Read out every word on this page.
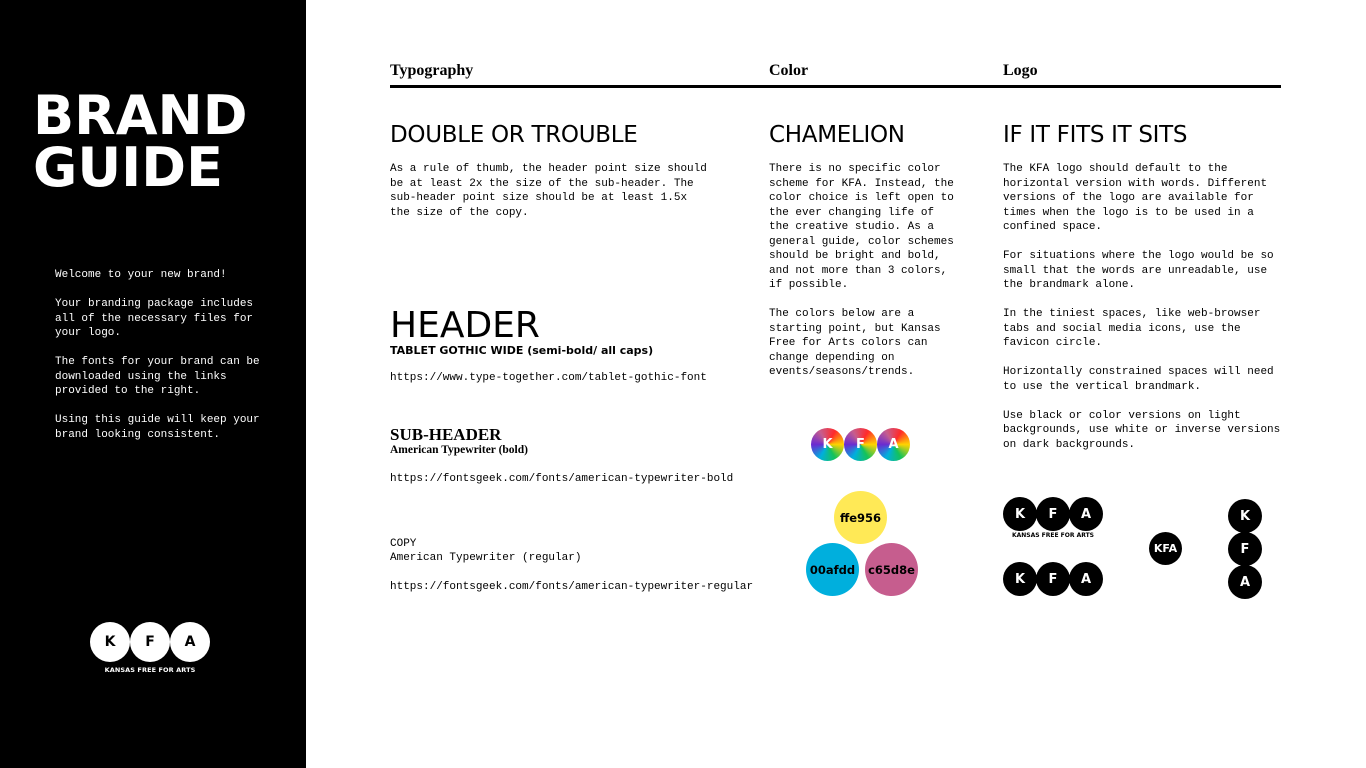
BRAND
GUIDE

Welcome to your new brand!

Your branding package includes all of the necessary files for your logo.

The fonts for your brand can be downloaded using the links provided to the right.

Using this guide will keep your brand looking consistent.

K	F	A
KANSAS FREE FOR ARTS
Typography	Color	Logo
DOUBLE OR TROUBLE

As a rule of thumb, the header point size should be at least 2x the size of the sub-header. The sub-header point size should be at least 1.5x the size of the copy.

HEADER
TABLET GOTHIC WIDE (semi-bold/ all caps)
https://www.type-together.com/tablet-gothic-font
SUB-HEADER
American Typewriter (bold)
https://fontsgeek.com/fonts/american-typewriter-bold
COPY
American Typewriter (regular)
https://fontsgeek.com/fonts/american-typewriter-regular
CHAMELION

There is no specific color scheme for KFA. Instead, the color choice is left open to the ever changing life of the creative studio. As a general guide, color schemes should be bright and bold, and not more than 3 colors, if possible.

The colors below are a starting point, but Kansas Free for Arts colors can change depending on events/seasons/trends.

K	F	A
ffe956
00afdd	c65d8e
IF IT FITS IT SITS

The KFA logo should default to the horizontal version with words. Different versions of the logo are available for times when the logo is to be used in a confined space.

For situations where the logo would be so small that the words are unreadable, use the brandmark alone.

In the tiniest spaces, like web-browser tabs and social media icons, use the favicon circle.

Horizontally constrained spaces will need to use the vertical brandmark.

Use black or color versions on light backgrounds, use white or inverse versions on dark backgrounds.

K	F	A
KANSAS FREE FOR ARTS
K	F	A
KFA
K
F
A
